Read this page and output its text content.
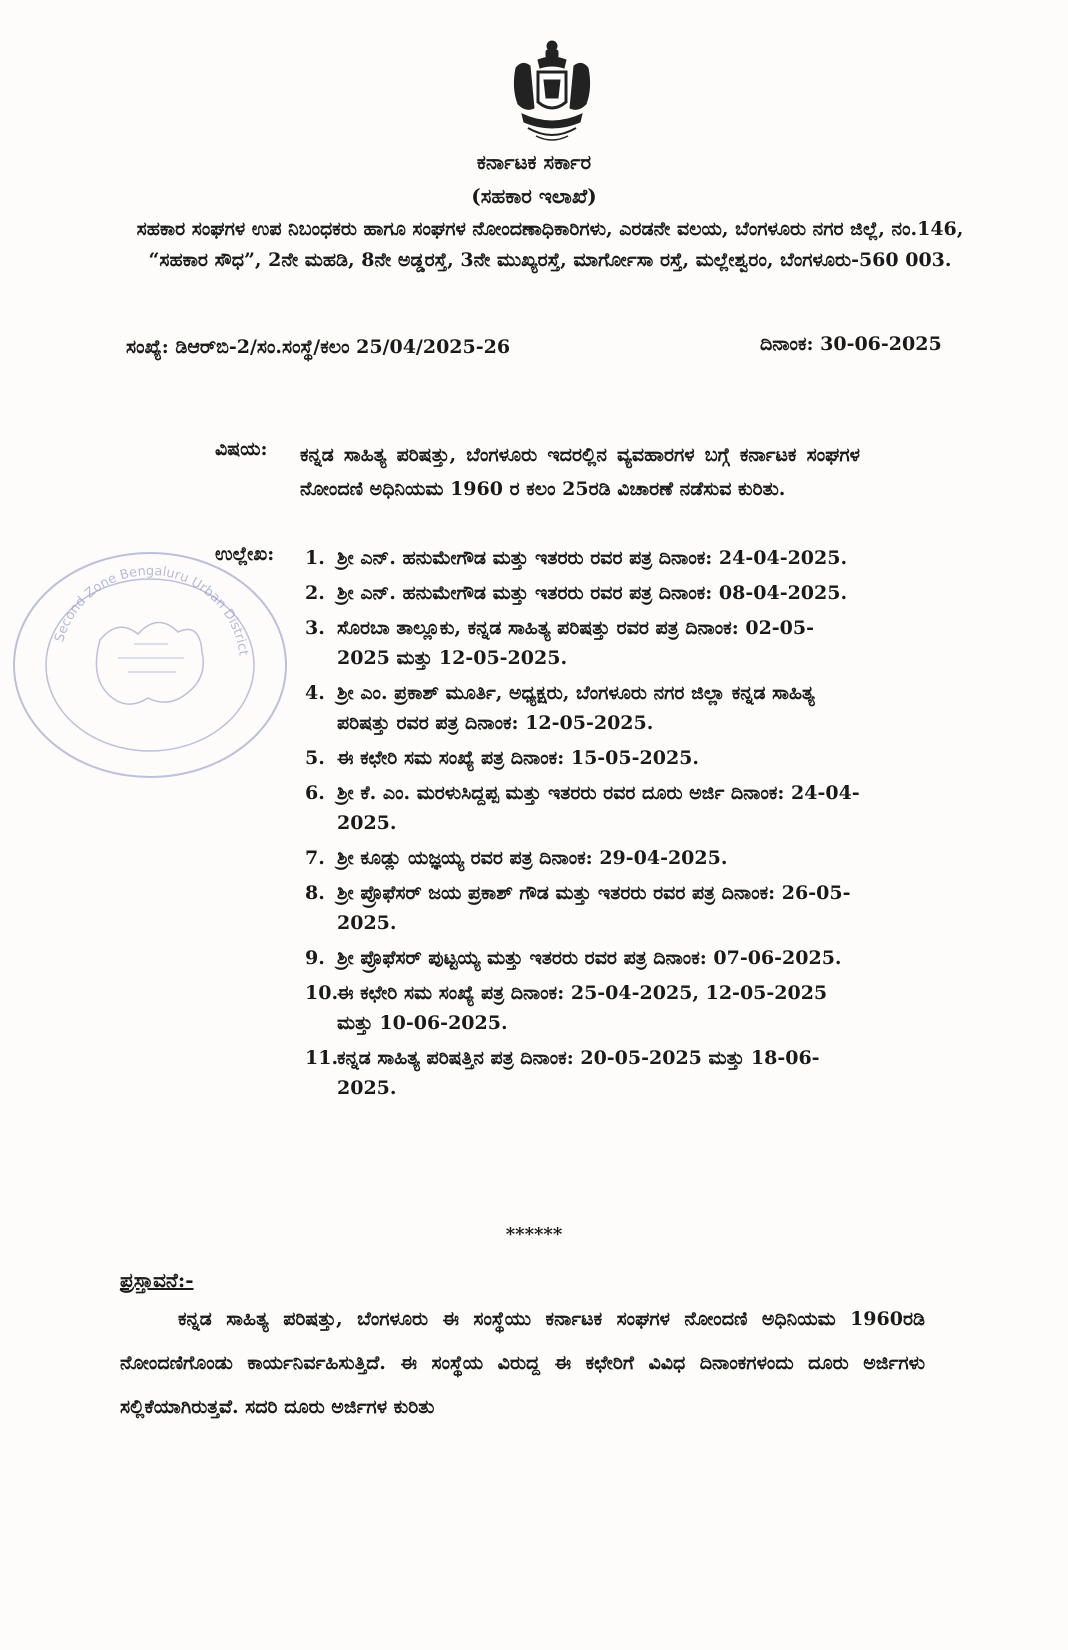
ಕರ್ನಾಟಕ ಸರ್ಕಾರ
(ಸಹಕಾರ ಇಲಾಖೆ)
ಸಹಕಾರ ಸಂಘಗಳ ಉಪ ನಿಬಂಧಕರು ಹಾಗೂ ಸಂಘಗಳ ನೋಂದಣಾಧಿಕಾರಿಗಳು, ಎರಡನೇ ವಲಯ, ಬೆಂಗಳೂರು ನಗರ ಜಿಲ್ಲೆ, ನಂ.146, “ಸಹಕಾರ ಸೌಧ”, 2ನೇ ಮಹಡಿ, 8ನೇ ಅಡ್ಡರಸ್ತೆ, 3ನೇ ಮುಖ್ಯರಸ್ತೆ, ಮಾರ್ಗೋಸಾ ರಸ್ತೆ, ಮಲ್ಲೇಶ್ವರಂ, ಬೆಂಗಳೂರು-560 003.
ಸಂಖ್ಯೆ: ಡಿಆರ್‌ಬಿ-2/ಸಂ.ಸಂಸ್ಥೆ/ಕಲಂ 25/04/2025-26	ದಿನಾಂಕ: 30-06-2025
ವಿಷಯ: ಕನ್ನಡ ಸಾಹಿತ್ಯ ಪರಿಷತ್ತು, ಬೆಂಗಳೂರು ಇದರಲ್ಲಿನ ವ್ಯವಹಾರಗಳ ಬಗ್ಗೆ ಕರ್ನಾಟಕ ಸಂಘಗಳ ನೋಂದಣಿ ಅಧಿನಿಯಮ 1960 ರ ಕಲಂ 25ರಡಿ ವಿಚಾರಣೆ ನಡೆಸುವ ಕುರಿತು.
ಉಲ್ಲೇಖ: 1. ಶ್ರೀ ಎನ್. ಹನುಮೇಗೌಡ ಮತ್ತು ಇತರರು ರವರ ಪತ್ರ ದಿನಾಂಕ: 24-04-2025.
2. ಶ್ರೀ ಎನ್. ಹನುಮೇಗೌಡ ಮತ್ತು ಇತರರು ರವರ ಪತ್ರ ದಿನಾಂಕ: 08-04-2025.
3. ಸೊರಬಾ ತಾಲ್ಲೂಕು, ಕನ್ನಡ ಸಾಹಿತ್ಯ ಪರಿಷತ್ತು ರವರ ಪತ್ರ ದಿನಾಂಕ: 02-05-2025 ಮತ್ತು 12-05-2025.
4. ಶ್ರೀ ಎಂ. ಪ್ರಕಾಶ್ ಮೂರ್ತಿ, ಅಧ್ಯಕ್ಷರು, ಬೆಂಗಳೂರು ನಗರ ಜಿಲ್ಲಾ ಕನ್ನಡ ಸಾಹಿತ್ಯ ಪರಿಷತ್ತು ರವರ ಪತ್ರ ದಿನಾಂಕ: 12-05-2025.
5. ಈ ಕಛೇರಿ ಸಮ ಸಂಖ್ಯೆ ಪತ್ರ ದಿನಾಂಕ: 15-05-2025.
6. ಶ್ರೀ ಕೆ. ಎಂ. ಮರಳುಸಿದ್ದಪ್ಪ ಮತ್ತು ಇತರರು ರವರ ದೂರು ಅರ್ಜಿ ದಿನಾಂಕ: 24-04-2025.
7. ಶ್ರೀ ಕೂಡ್ಲು ಯಜ್ಞಯ್ಯ ರವರ ಪತ್ರ ದಿನಾಂಕ: 29-04-2025.
8. ಶ್ರೀ ಪ್ರೊಫೆಸರ್ ಜಯ ಪ್ರಕಾಶ್ ಗೌಡ ಮತ್ತು ಇತರರು ರವರ ಪತ್ರ ದಿನಾಂಕ: 26-05-2025.
9. ಶ್ರೀ ಪ್ರೊಫೆಸರ್ ಪುಟ್ಟಯ್ಯ ಮತ್ತು ಇತರರು ರವರ ಪತ್ರ ದಿನಾಂಕ: 07-06-2025.
10.
ಈ ಕಛೇರಿ ಸಮ ಸಂಖ್ಯೆ ಪತ್ರ ದಿನಾಂಕ: 25-04-2025, 12-05-2025 ಮತ್ತು 10-06-2025.
11.
ಕನ್ನಡ ಸಾಹಿತ್ಯ ಪರಿಷತ್ತಿನ ಪತ್ರ ದಿನಾಂಕ: 20-05-2025 ಮತ್ತು 18-06-2025.
******
ಪ್ರಸ್ತಾವನೆ:-
ಕನ್ನಡ ಸಾಹಿತ್ಯ ಪರಿಷತ್ತು, ಬೆಂಗಳೂರು ಈ ಸಂಸ್ಥೆಯು ಕರ್ನಾಟಕ ಸಂಘಗಳ ನೋಂದಣಿ ಅಧಿನಿಯಮ 1960ರಡಿ ನೋಂದಣಿಗೊಂಡು ಕಾರ್ಯನಿರ್ವಹಿಸುತ್ತಿದೆ. ಈ ಸಂಸ್ಥೆಯ ವಿರುದ್ದ ಈ ಕಛೇರಿಗೆ ವಿವಿಧ ದಿನಾಂಕಗಳಂದು ದೂರು ಅರ್ಜಿಗಳು ಸಲ್ಲಿಕೆಯಾಗಿರುತ್ತವೆ. ಸದರಿ ದೂರು ಅರ್ಜಿಗಳ ಕುರಿತು
Second Zone Bengaluru Urban District
